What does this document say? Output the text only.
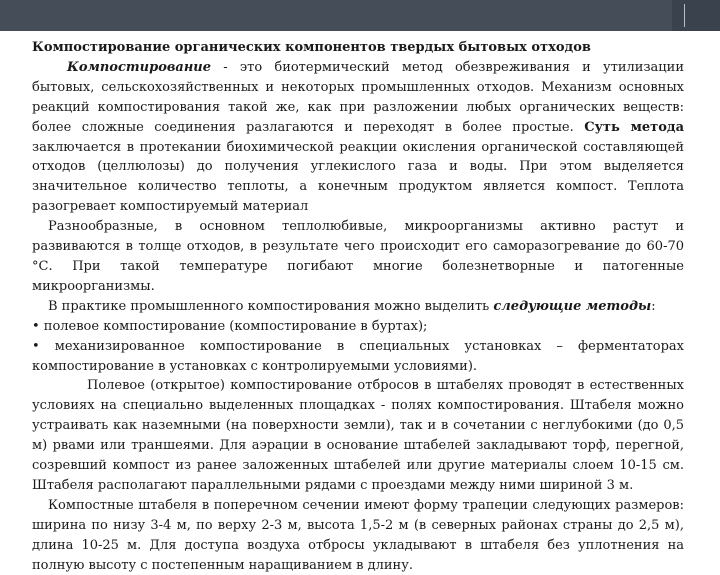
Компостирование органических компонентов твердых бытовых отходов

Компостирование - это биотермический метод обезвреживания и утилизации бытовых, сельскохозяйственных и некоторых промышленных отходов. Механизм основных реакций компостирования такой же, как при разложении любых органических веществ: более сложные соединения разлагаются и переходят в более простые. Суть метода заключается в протекании биохимической реакции окисления органической составляющей отходов (целлюлозы) до получения углекислого газа и воды. При этом выделяется значительное количество теплоты, а конечным продуктом является компост. Теплота разогревает компостируемый материал

Разнообразные, в основном теплолюбивые, микроорганизмы активно растут и развиваются в толще отходов, в результате чего происходит его саморазогревание до 60-70 °С. При такой температуре погибают многие болезнетворные и патогенные микроорганизмы.

В практике промышленного компостирования можно выделить следующие методы:

• полевое компостирование (компостирование в буртах);

• механизированное компостирование в специальных установках – ферментаторах компостирование в установках с контролируемыми условиями).

Полевое (открытое) компостирование отбросов в штабелях проводят в естественных условиях на специально выделенных площадках - полях компостирования. Штабеля можно устраивать как наземными (на поверхности земли), так и в сочетании с неглубокими (до 0,5 м) рвами или траншеями. Для аэрации в основание штабелей закладывают торф, перегной, созревший компост из ранее заложенных штабелей или другие материалы слоем 10-15 см. Штабеля располагают параллельными рядами с проездами между ними шириной 3 м.

Компостные штабеля в поперечном сечении имеют форму трапеции следующих размеров: ширина по низу 3-4 м, по верху 2-3 м, высота 1,5-2 м (в северных районах страны до 2,5 м), длина 10-25 м. Для доступа воздуха отбросы укладывают в штабеля без уплотнения на полную высоту с постепенным наращиванием в длину.
